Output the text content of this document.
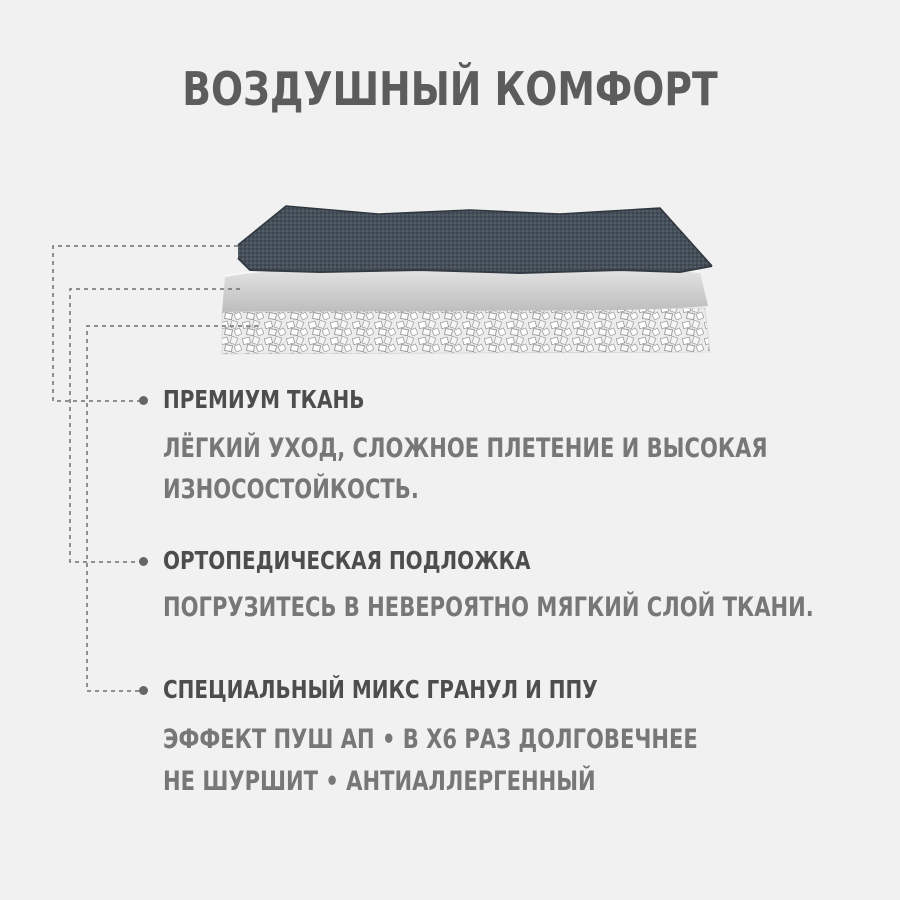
ВОЗДУШНЫЙ КОМФОРТ
ПРЕМИУМ ТКАНЬ
ЛЁГКИЙ УХОД, СЛОЖНОЕ ПЛЕТЕНИЕ И ВЫСОКАЯ
ИЗНОСОСТОЙКОСТЬ.
ОРТОПЕДИЧЕСКАЯ ПОДЛОЖКА
ПОГРУЗИТЕСЬ В НЕВЕРОЯТНО МЯГКИЙ СЛОЙ ТКАНИ.
СПЕЦИАЛЬНЫЙ МИКС ГРАНУЛ И ППУ
ЭФФЕКТ ПУШ АП • В Х6 РАЗ ДОЛГОВЕЧНЕЕ
НЕ ШУРШИТ • АНТИАЛЛЕРГЕННЫЙ
